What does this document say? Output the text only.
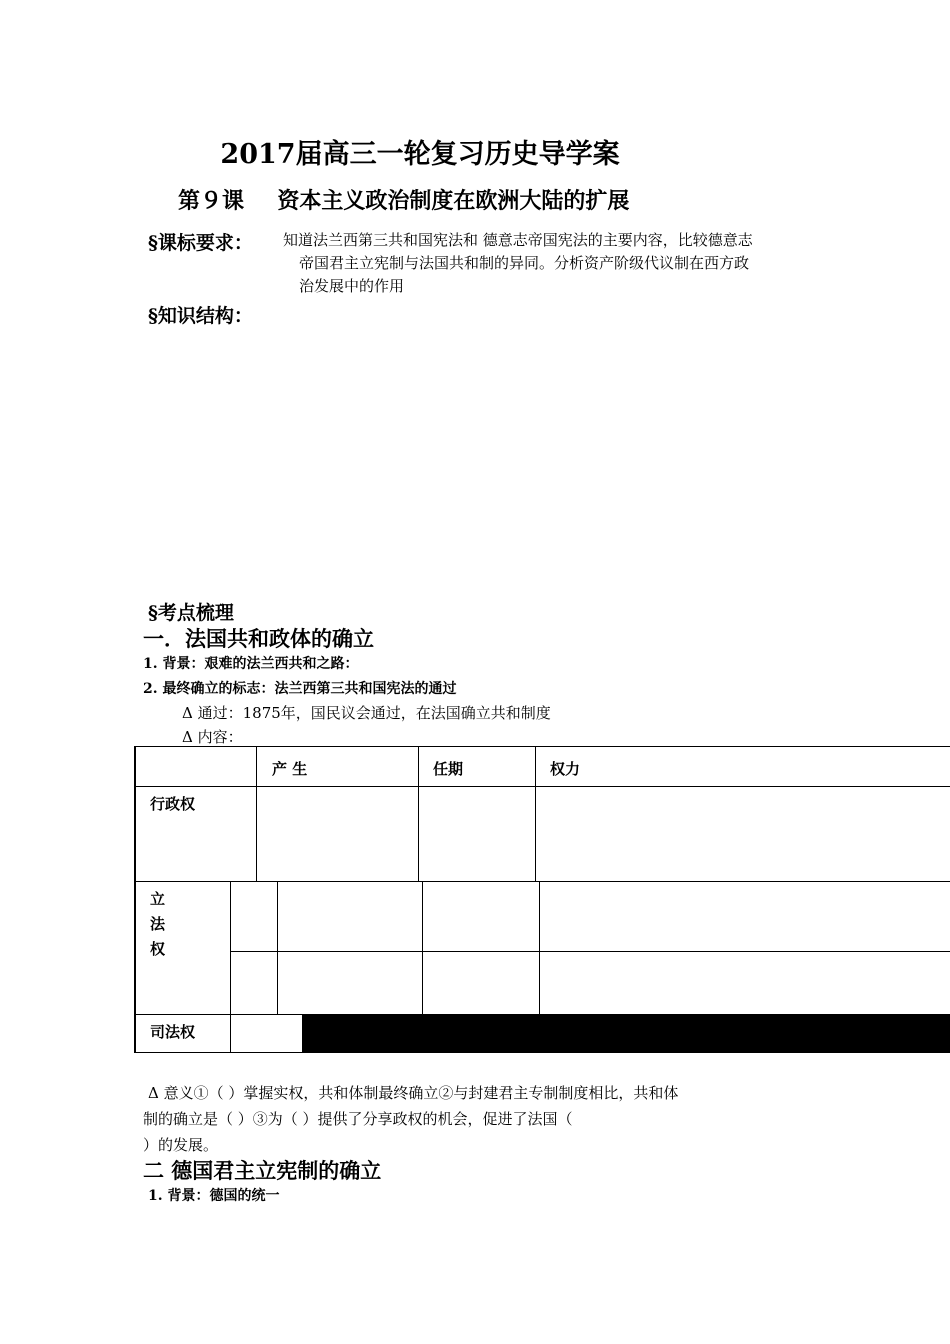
2017届高三一轮复习历史导学案
第９课 资本主义政治制度在欧洲大陆的扩展
§课标要求： 知道法兰西第三共和国宪法和 德意志帝国宪法的主要内容，比较德意志
帝国君主立宪制与法国共和制的异同。分析资产阶级代议制在西方政
治发展中的作用
§知识结构：
§考点梳理
一．法国共和政体的确立
1. 背景：艰难的法兰西共和之路：
2. 最终确立的标志：法兰西第三共和国宪法的通过
Δ 通过：1875年，国民议会通过，在法国确立共和制度
Δ 内容：
产 生	任期	权力
行政权
立
法
权
司法权
Δ 意义①（ ）掌握实权，共和体制最终确立②与封建君主专制制度相比，共和体
制的确立是（ ）③为（ ）提供了分享政权的机会，促进了法国（
）的发展。
二 德国君主立宪制的确立
1. 背景：德国的统一
